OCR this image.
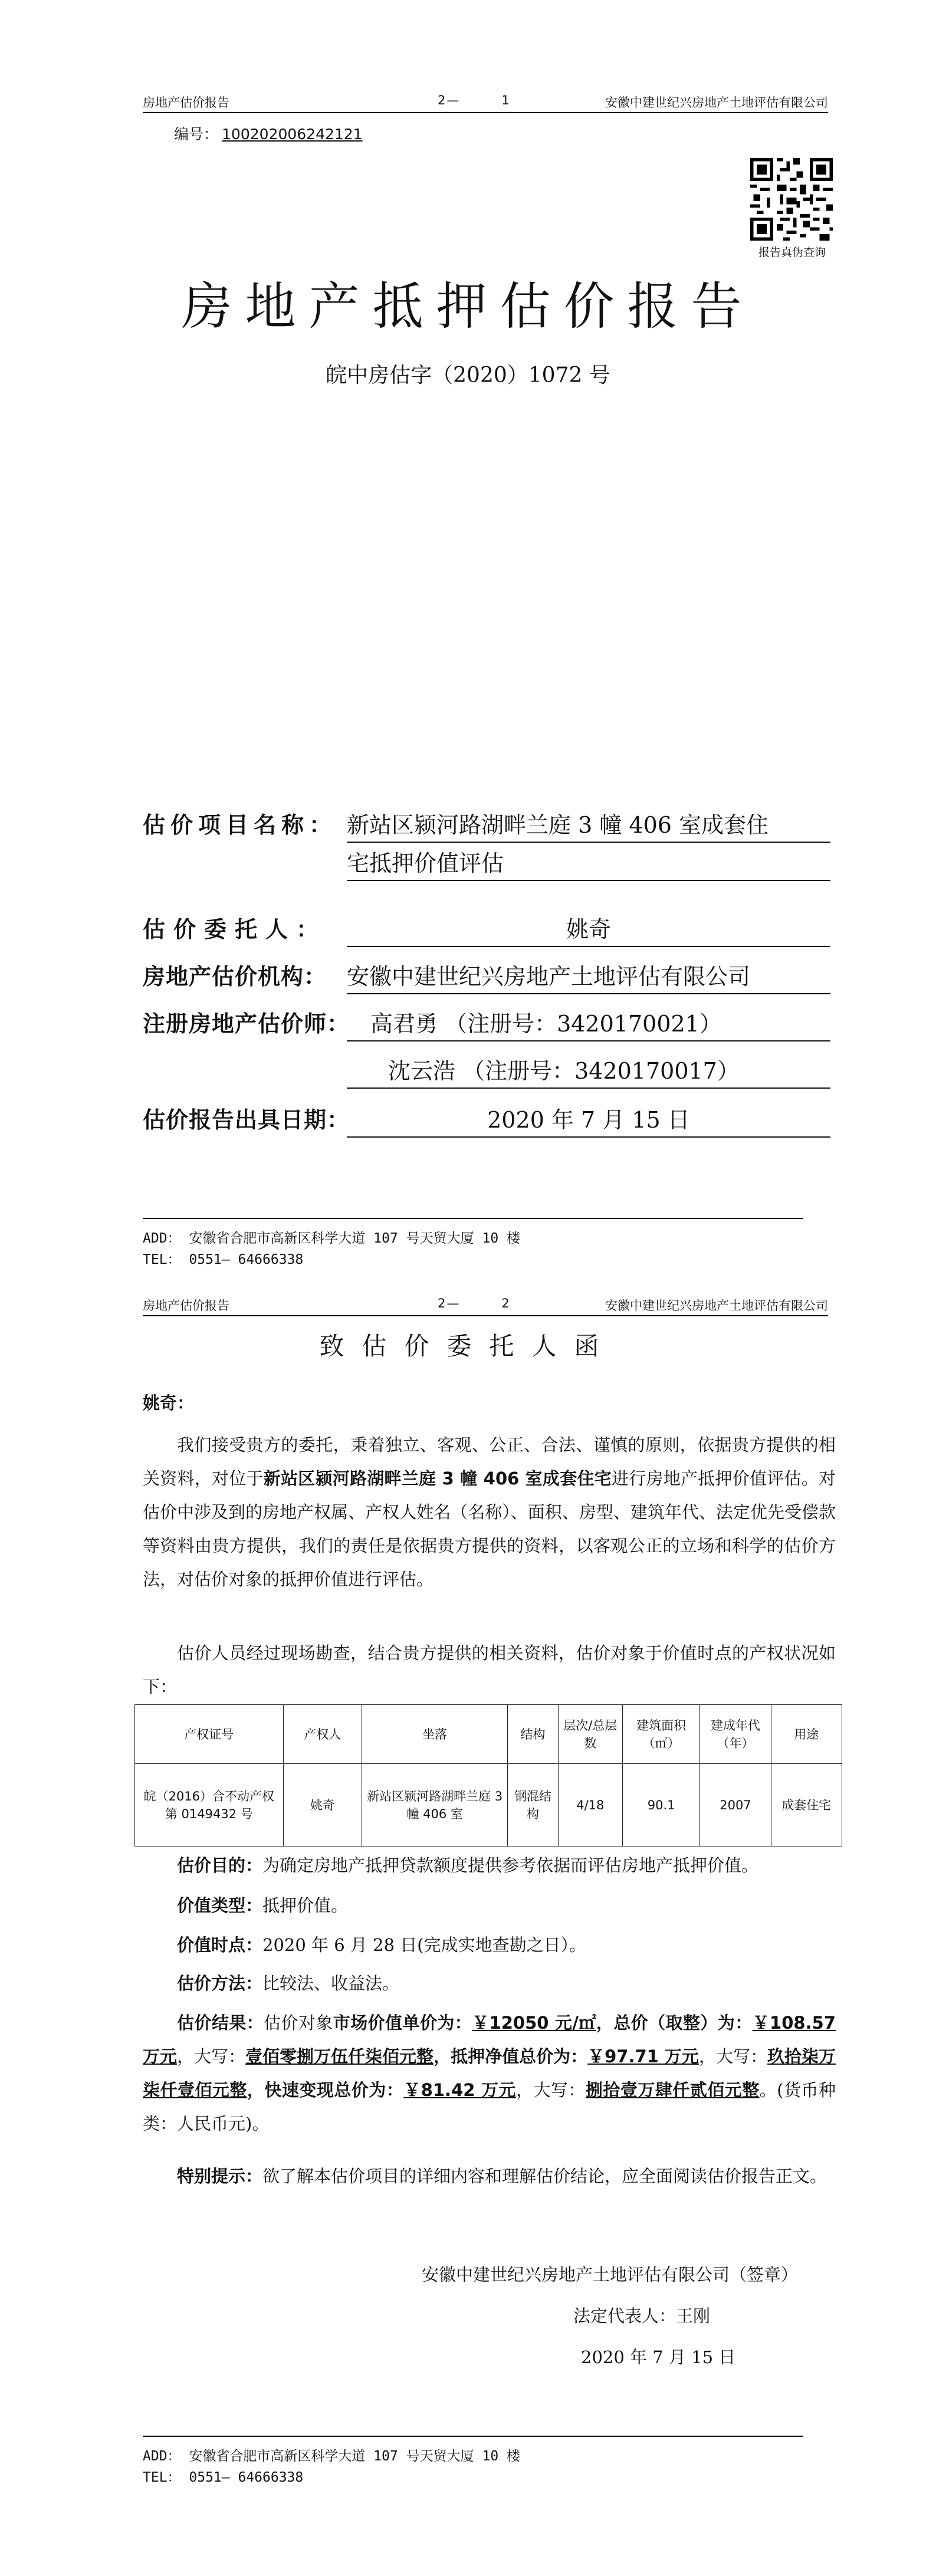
房地产估价报告	2—	1	安徽中建世纪兴房地产土地评估有限公司
编号： 100202006242121
报告真伪查询
房地产抵押估价报告
皖中房估字（2020）1072 号
估价项目名称： 新站区颍河路湖畔兰庭 3 幢 406 室成套住
宅抵押价值评估
估价委托人：	姚奇
房地产估价机构： 安徽中建世纪兴房地产土地评估有限公司
注册房地产估价师： 高君勇 （注册号：3420170021）
沈云浩 （注册号：3420170017）
估价报告出具日期：	2020 年 7 月 15 日
ADD： 安徽省合肥市高新区科学大道 107 号天贸大厦 10 楼
TEL： 0551— 64666338
房地产估价报告	2—	2	安徽中建世纪兴房地产土地评估有限公司
致估价委托人函
姚奇：

我们接受贵方的委托，秉着独立、客观、公正、合法、谨慎的原则，依据贵方提供的相关资料，对位于新站区颍河路湖畔兰庭 3 幢 406 室成套住宅进行房地产抵押价值评估。对估价中涉及到的房地产权属、产权人姓名（名称）、面积、房型、建筑年代、法定优先受偿款等资料由贵方提供，我们的责任是依据贵方提供的资料，以客观公正的立场和科学的估价方法，对估价对象的抵押价值进行评估。

估价人员经过现场勘查，结合贵方提供的相关资料，估价对象于价值时点的产权状况如下：

产权证号	产权人	坐落	结构	层次/总层数	建筑面积（㎡）	建成年代（年）	用途
皖（2016）合不动产权第 0149432 号	姚奇	新站区颍河路湖畔兰庭 3 幢 406 室	钢混结构	4/18	90.1	2007	成套住宅

估价目的：为确定房地产抵押贷款额度提供参考依据而评估房地产抵押价值。

价值类型：抵押价值。

价值时点：2020 年 6 月 28 日(完成实地查勘之日）。

估价方法：比较法、收益法。

估价结果：估价对象市场价值单价为：￥12050 元/㎡，总价（取整）为：￥108.57 万元，大写：壹佰零捌万伍仟柒佰元整，抵押净值总价为：￥97.71 万元，大写：玖拾柒万柒仟壹佰元整，快速变现总价为：￥81.42 万元，大写：捌拾壹万肆仟贰佰元整。(货币种类：人民币元)。

特别提示：欲了解本估价项目的详细内容和理解估价结论，应全面阅读估价报告正文。

安徽中建世纪兴房地产土地评估有限公司（签章）
法定代表人：王刚
2020 年 7 月 15 日
ADD： 安徽省合肥市高新区科学大道 107 号天贸大厦 10 楼
TEL： 0551— 64666338
